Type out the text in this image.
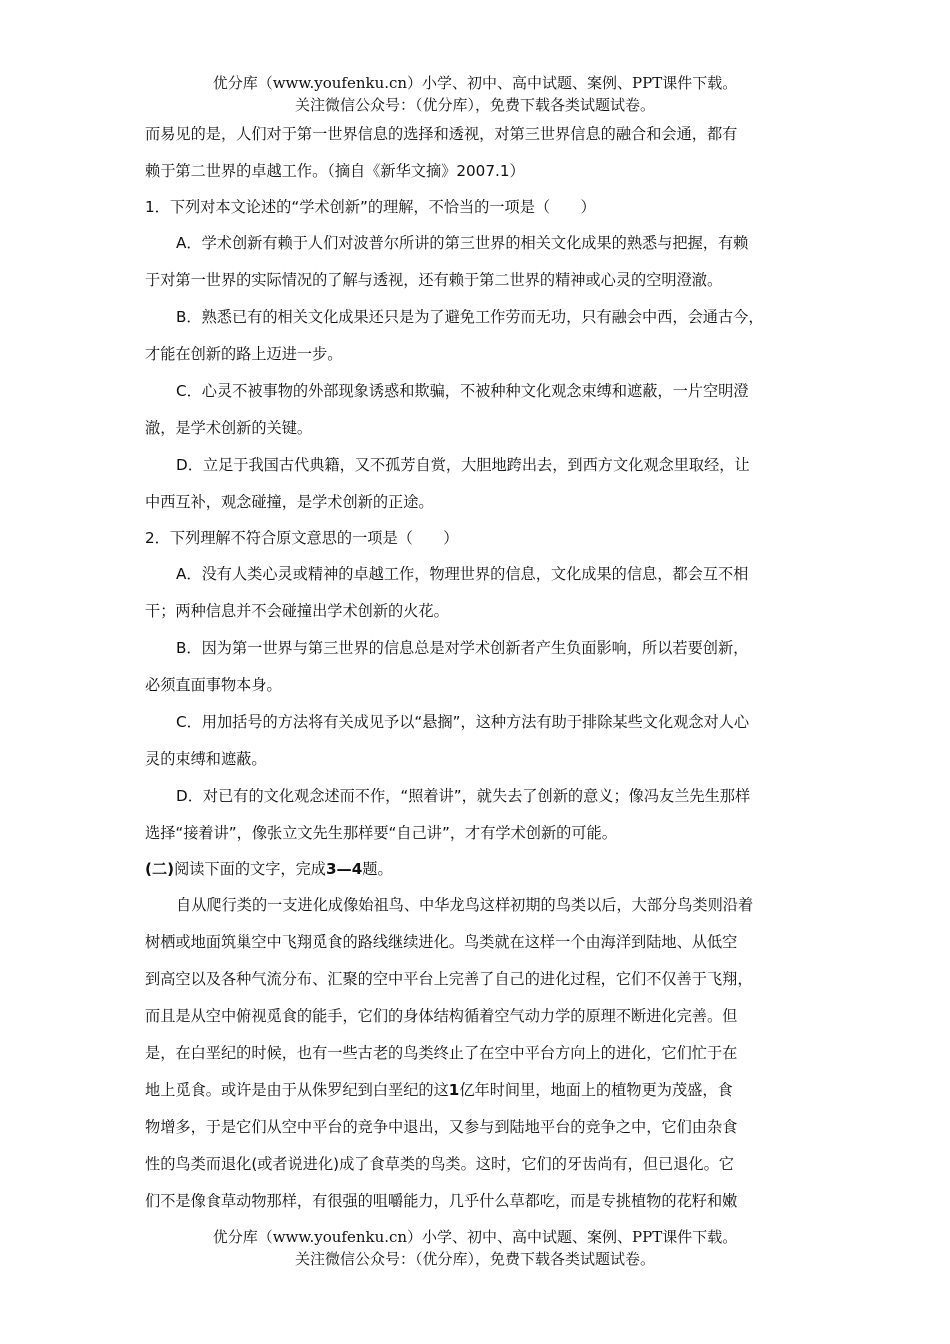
优分库（www.youfenku.cn）小学、初中、高中试题、案例、PPT课件下载。
关注微信公众号：（优分库），免费下载各类试题试卷。
而易见的是，人们对于第一世界信息的选择和透视，对第三世界信息的融合和会通，都有
赖于第二世界的卓越工作。（摘自《新华文摘》2007.1）
1．下列对本文论述的“学术创新”的理解，不恰当的一项是（　　）
A．学术创新有赖于人们对波普尔所讲的第三世界的相关文化成果的熟悉与把握，有赖
于对第一世界的实际情况的了解与透视，还有赖于第二世界的精神或心灵的空明澄澈。
B．熟悉已有的相关文化成果还只是为了避免工作劳而无功，只有融会中西，会通古今，
才能在创新的路上迈进一步。
C．心灵不被事物的外部现象诱惑和欺骗，不被种种文化观念束缚和遮蔽，一片空明澄
澈，是学术创新的关键。
D．立足于我国古代典籍，又不孤芳自赏，大胆地跨出去，到西方文化观念里取经，让
中西互补，观念碰撞，是学术创新的正途。
2．下列理解不符合原文意思的一项是（　　）
A．没有人类心灵或精神的卓越工作，物理世界的信息，文化成果的信息，都会互不相
干；两种信息并不会碰撞出学术创新的火花。
B．因为第一世界与第三世界的信息总是对学术创新者产生负面影响，所以若要创新，
必须直面事物本身。
C．用加括号的方法将有关成见予以“悬搁”，这种方法有助于排除某些文化观念对人心
灵的束缚和遮蔽。
D．对已有的文化观念述而不作，“照着讲”，就失去了创新的意义；像冯友兰先生那样
选择“接着讲”，像张立文先生那样要“自己讲”，才有学术创新的可能。
(二)阅读下面的文字，完成3—4题。
自从爬行类的一支进化成像始祖鸟、中华龙鸟这样初期的鸟类以后，大部分鸟类则沿着
树栖或地面筑巢空中飞翔觅食的路线继续进化。鸟类就在这样一个由海洋到陆地、从低空
到高空以及各种气流分布、汇聚的空中平台上完善了自己的进化过程，它们不仅善于飞翔，
而且是从空中俯视觅食的能手，它们的身体结构循着空气动力学的原理不断进化完善。但
是，在白垩纪的时候，也有一些古老的鸟类终止了在空中平台方向上的进化，它们忙于在
地上觅食。或许是由于从侏罗纪到白垩纪的这1亿年时间里，地面上的植物更为茂盛，食
物增多，于是它们从空中平台的竞争中退出，又参与到陆地平台的竞争之中，它们由杂食
性的鸟类而退化(或者说进化)成了食草类的鸟类。这时，它们的牙齿尚有，但已退化。它
们不是像食草动物那样，有很强的咀嚼能力，几乎什么草都吃，而是专挑植物的花籽和嫩
优分库（www.youfenku.cn）小学、初中、高中试题、案例、PPT课件下载。
关注微信公众号：（优分库），免费下载各类试题试卷。
